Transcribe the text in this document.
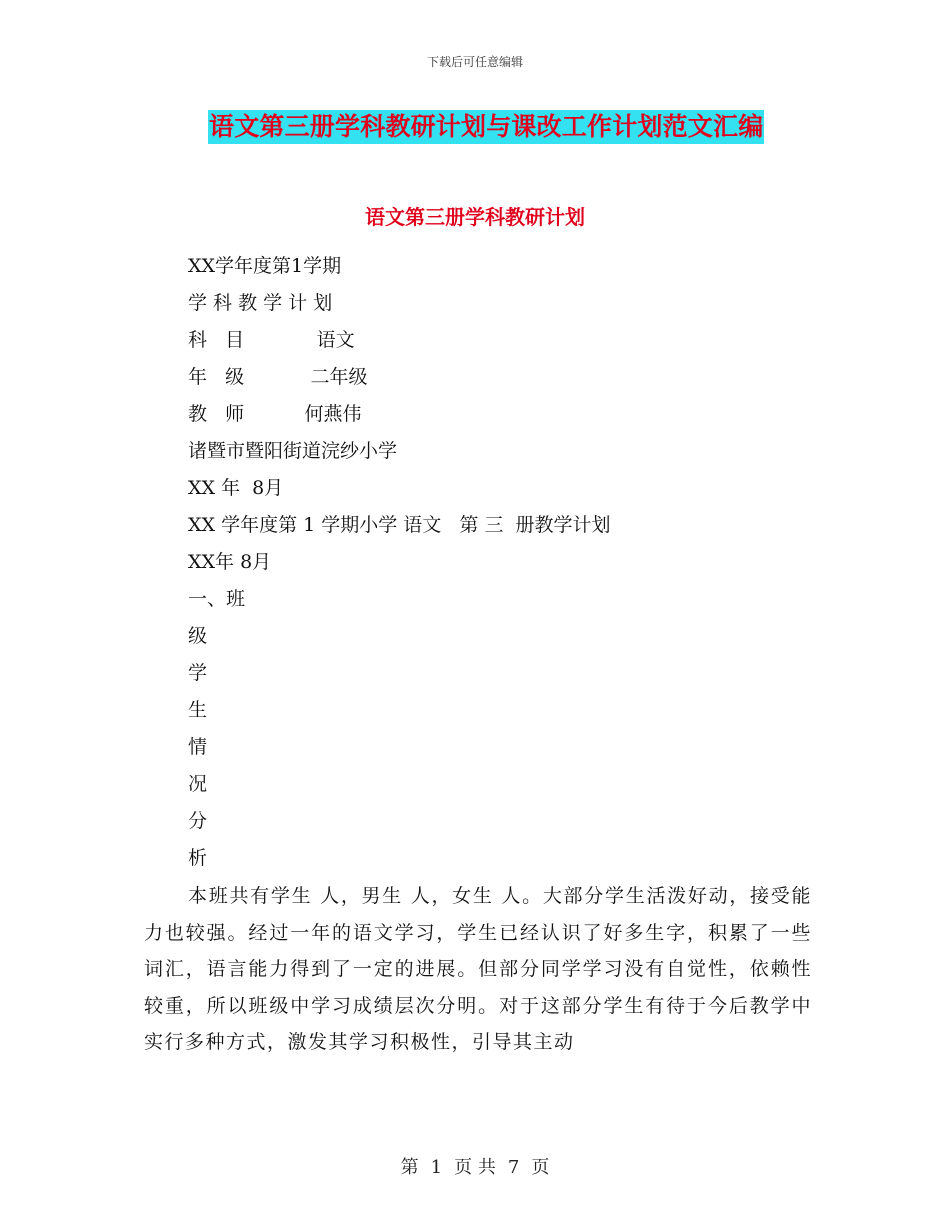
下载后可任意编辑
语文第三册学科教研计划与课改工作计划范文汇编
语文第三册学科教研计划
XX学年度第1学期
学 科 教 学 计 划
科   目            语文
年   级           二年级
教   师          何燕伟
诸暨市暨阳街道浣纱小学
XX 年  8月
XX 学年度第 1 学期小学 语文   第 三  册教学计划
XX年 8月
一、班
级
学
生
情
况
分
析
本班共有学生 人，男生 人，女生 人。大部分学生活泼好动，接受能力也较强。经过一年的语文学习，学生已经认识了好多生字，积累了一些词汇，语言能力得到了一定的进展。但部分同学学习没有自觉性，依赖性较重，所以班级中学习成绩层次分明。对于这部分学生有待于今后教学中实行多种方式，激发其学习积极性，引导其主动
第 1 页 共 7 页
